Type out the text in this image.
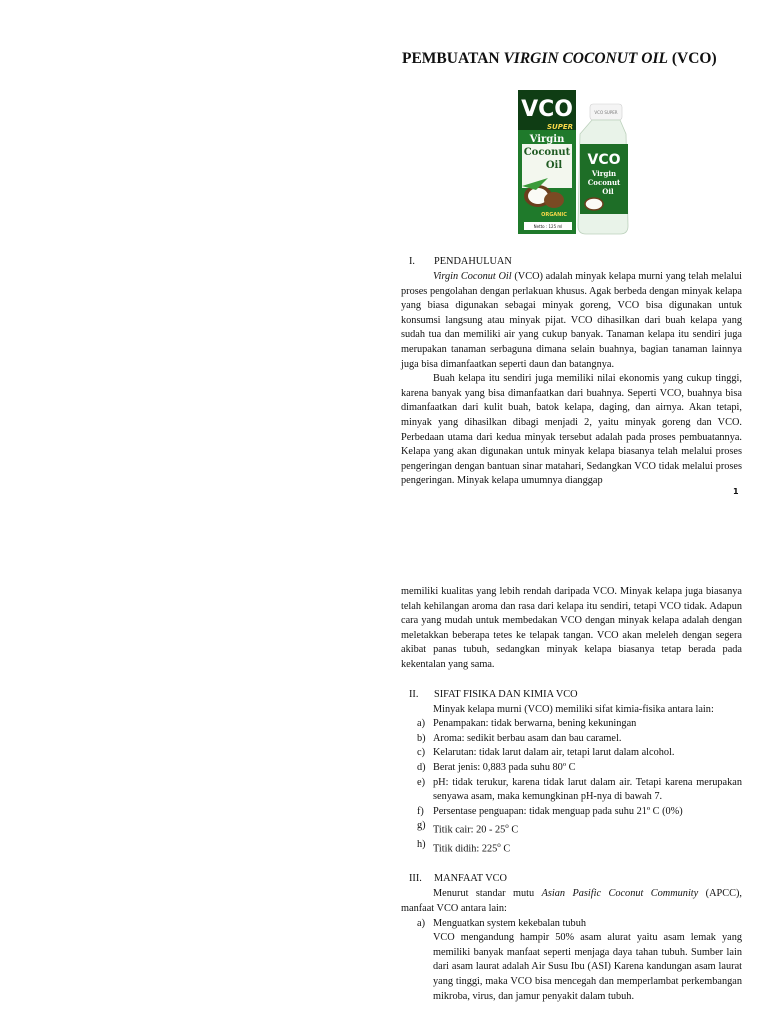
PEMBUATAN VIRGIN COCONUT OIL (VCO)
VCO
SUPER
Virgin
Coconut
Oil
ORGANIC
Netto : 125 ml
VCO SUPER
VCO
Virgin
Coconut
Oil
I. PENDAHULUAN
Virgin Coconut Oil (VCO) adalah minyak kelapa murni yang telah melalui proses pengolahan dengan perlakuan khusus. Agak berbeda dengan minyak kelapa yang biasa digunakan sebagai minyak goreng, VCO bisa digunakan untuk konsumsi langsung atau minyak pijat. VCO dihasilkan dari buah kelapa yang sudah tua dan memiliki air yang cukup banyak. Tanaman kelapa itu sendiri juga merupakan tanaman serbaguna dimana selain buahnya, bagian tanaman lainnya juga bisa dimanfaatkan seperti daun dan batangnya.
Buah kelapa itu sendiri juga memiliki nilai ekonomis yang cukup tinggi, karena banyak yang bisa dimanfaatkan dari buahnya. Seperti VCO, buahnya bisa dimanfaatkan dari kulit buah, batok kelapa, daging, dan airnya. Akan tetapi, minyak yang dihasilkan dibagi menjadi 2, yaitu minyak goreng dan VCO. Perbedaan utama dari kedua minyak tersebut adalah pada proses pembuatannya. Kelapa yang akan digunakan untuk minyak kelapa biasanya telah melalui proses pengeringan dengan bantuan sinar matahari, Sedangkan VCO tidak melalui proses pengeringan. Minyak kelapa umumnya dianggap
1
memiliki kualitas yang lebih rendah daripada VCO. Minyak kelapa juga biasanya telah kehilangan aroma dan rasa dari kelapa itu sendiri, tetapi VCO tidak. Adapun cara yang mudah untuk membedakan VCO dengan minyak kelapa adalah dengan meletakkan beberapa tetes ke telapak tangan. VCO akan meleleh dengan segera akibat panas tubuh, sedangkan minyak kelapa biasanya tetap berada pada kekentalan yang sama.
II. SIFAT FISIKA DAN KIMIA VCO
Minyak kelapa murni (VCO) memiliki sifat kimia-fisika antara lain:
a) Penampakan: tidak berwarna, bening kekuningan
b) Aroma: sedikit berbau asam dan bau caramel.
c) Kelarutan: tidak larut dalam air, tetapi larut dalam alcohol.
d) Berat jenis: 0,883 pada suhu 80º C
e) pH: tidak terukur, karena tidak larut dalam air. Tetapi karena merupakan senyawa asam, maka kemungkinan pH-nya di bawah 7.
f) Persentase penguapan: tidak menguap pada suhu 21º C (0%)
g) Titik cair: 20 - 25$^o$ C
h) Titik didih: 225$^o$ C
III. MANFAAT VCO
Menurut standar mutu Asian Pasific Coconut Community (APCC), manfaat VCO antara lain:
a) Menguatkan system kekebalan tubuh
VCO mengandung hampir 50% asam alurat yaitu asam lemak yang memiliki banyak manfaat seperti menjaga daya tahan tubuh. Sumber lain dari asam laurat adalah Air Susu Ibu (ASI) Karena kandungan asam laurat yang tinggi, maka VCO bisa mencegah dan memperlambat perkembangan mikroba, virus, dan jamur penyakit dalam tubuh.
